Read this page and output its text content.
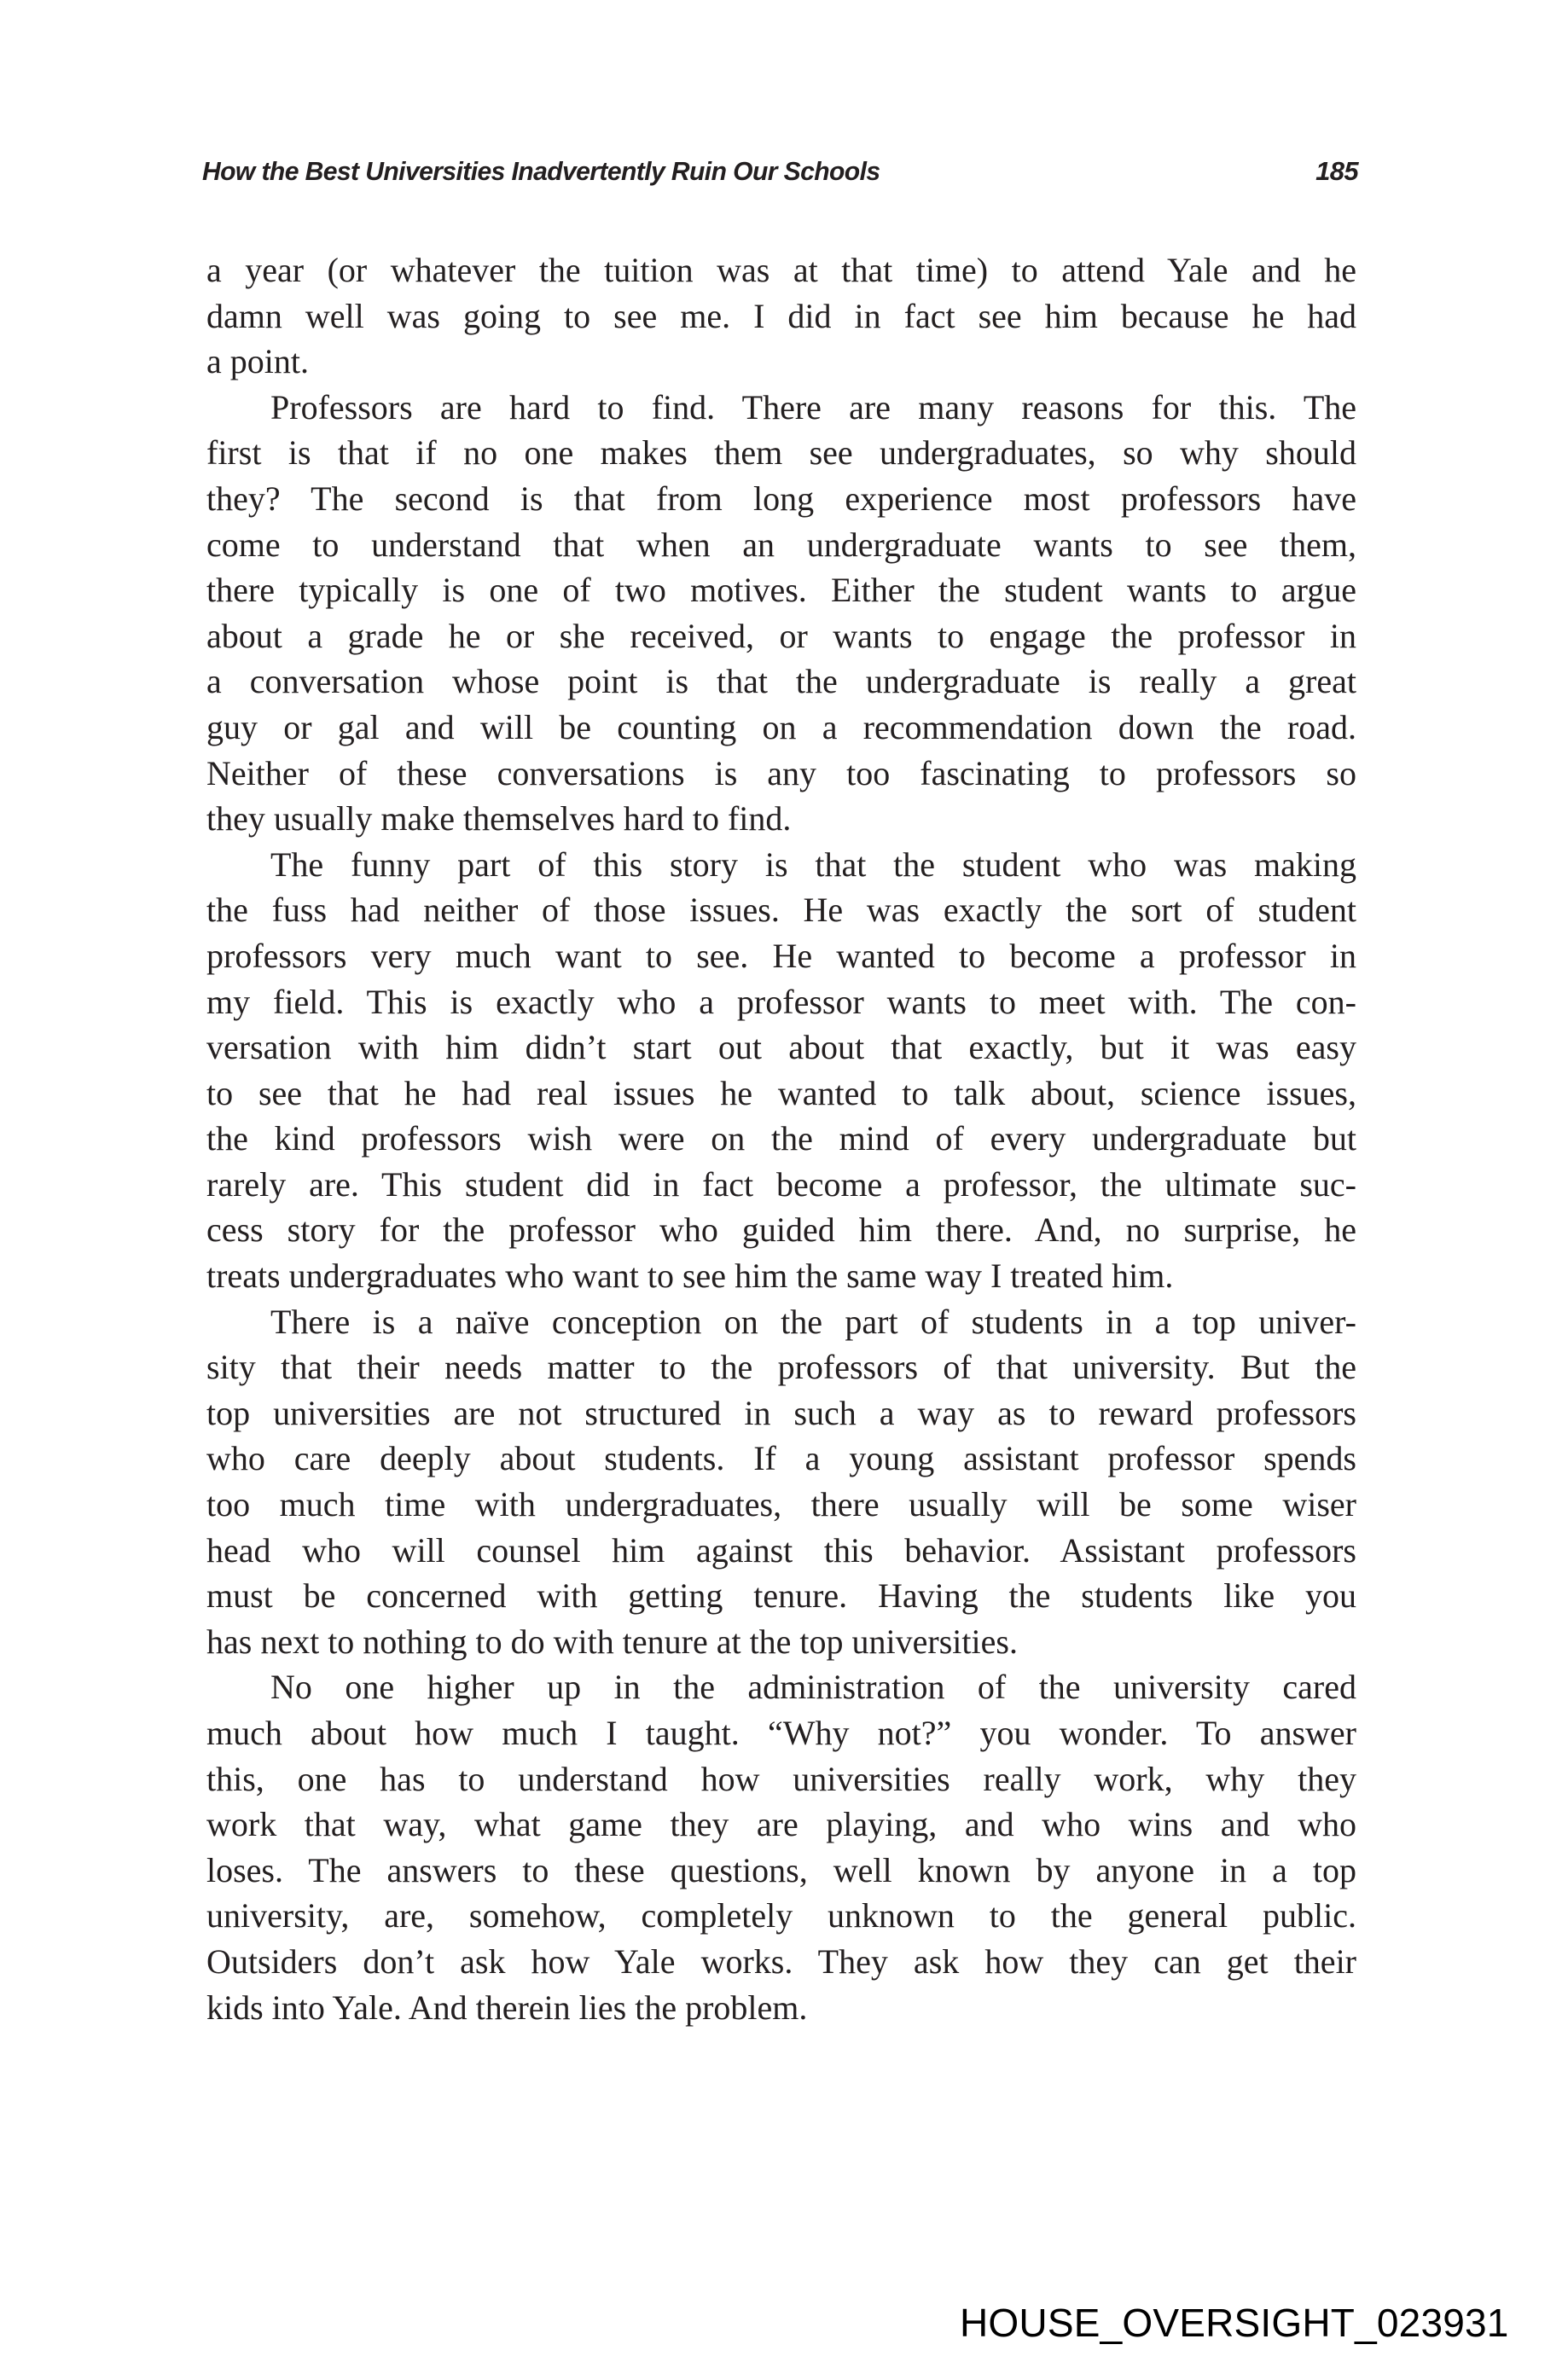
How the Best Universities Inadvertently Ruin Our Schools	185
a year (or whatever the tuition was at that time) to attend Yale and he
damn well was going to see me. I did in fact see him because he had
a point.
Professors are hard to find. There are many reasons for this. The
first is that if no one makes them see undergraduates, so why should
they? The second is that from long experience most professors have
come to understand that when an undergraduate wants to see them,
there typically is one of two motives. Either the student wants to argue
about a grade he or she received, or wants to engage the professor in
a conversation whose point is that the undergraduate is really a great
guy or gal and will be counting on a recommendation down the road.
Neither of these conversations is any too fascinating to professors so
they usually make themselves hard to find.
The funny part of this story is that the student who was making
the fuss had neither of those issues. He was exactly the sort of student
professors very much want to see. He wanted to become a professor in
my field. This is exactly who a professor wants to meet with. The con-
versation with him didn’t start out about that exactly, but it was easy
to see that he had real issues he wanted to talk about, science issues,
the kind professors wish were on the mind of every undergraduate but
rarely are. This student did in fact become a professor, the ultimate suc-
cess story for the professor who guided him there. And, no surprise, he
treats undergraduates who want to see him the same way I treated him.
There is a naïve conception on the part of students in a top univer-
sity that their needs matter to the professors of that university. But the
top universities are not structured in such a way as to reward professors
who care deeply about students. If a young assistant professor spends
too much time with undergraduates, there usually will be some wiser
head who will counsel him against this behavior. Assistant professors
must be concerned with getting tenure. Having the students like you
has next to nothing to do with tenure at the top universities.
No one higher up in the administration of the university cared
much about how much I taught. “Why not?” you wonder. To answer
this, one has to understand how universities really work, why they
work that way, what game they are playing, and who wins and who
loses. The answers to these questions, well known by anyone in a top
university, are, somehow, completely unknown to the general public.
Outsiders don’t ask how Yale works. They ask how they can get their
kids into Yale. And therein lies the problem.
HOUSE_OVERSIGHT_023931
